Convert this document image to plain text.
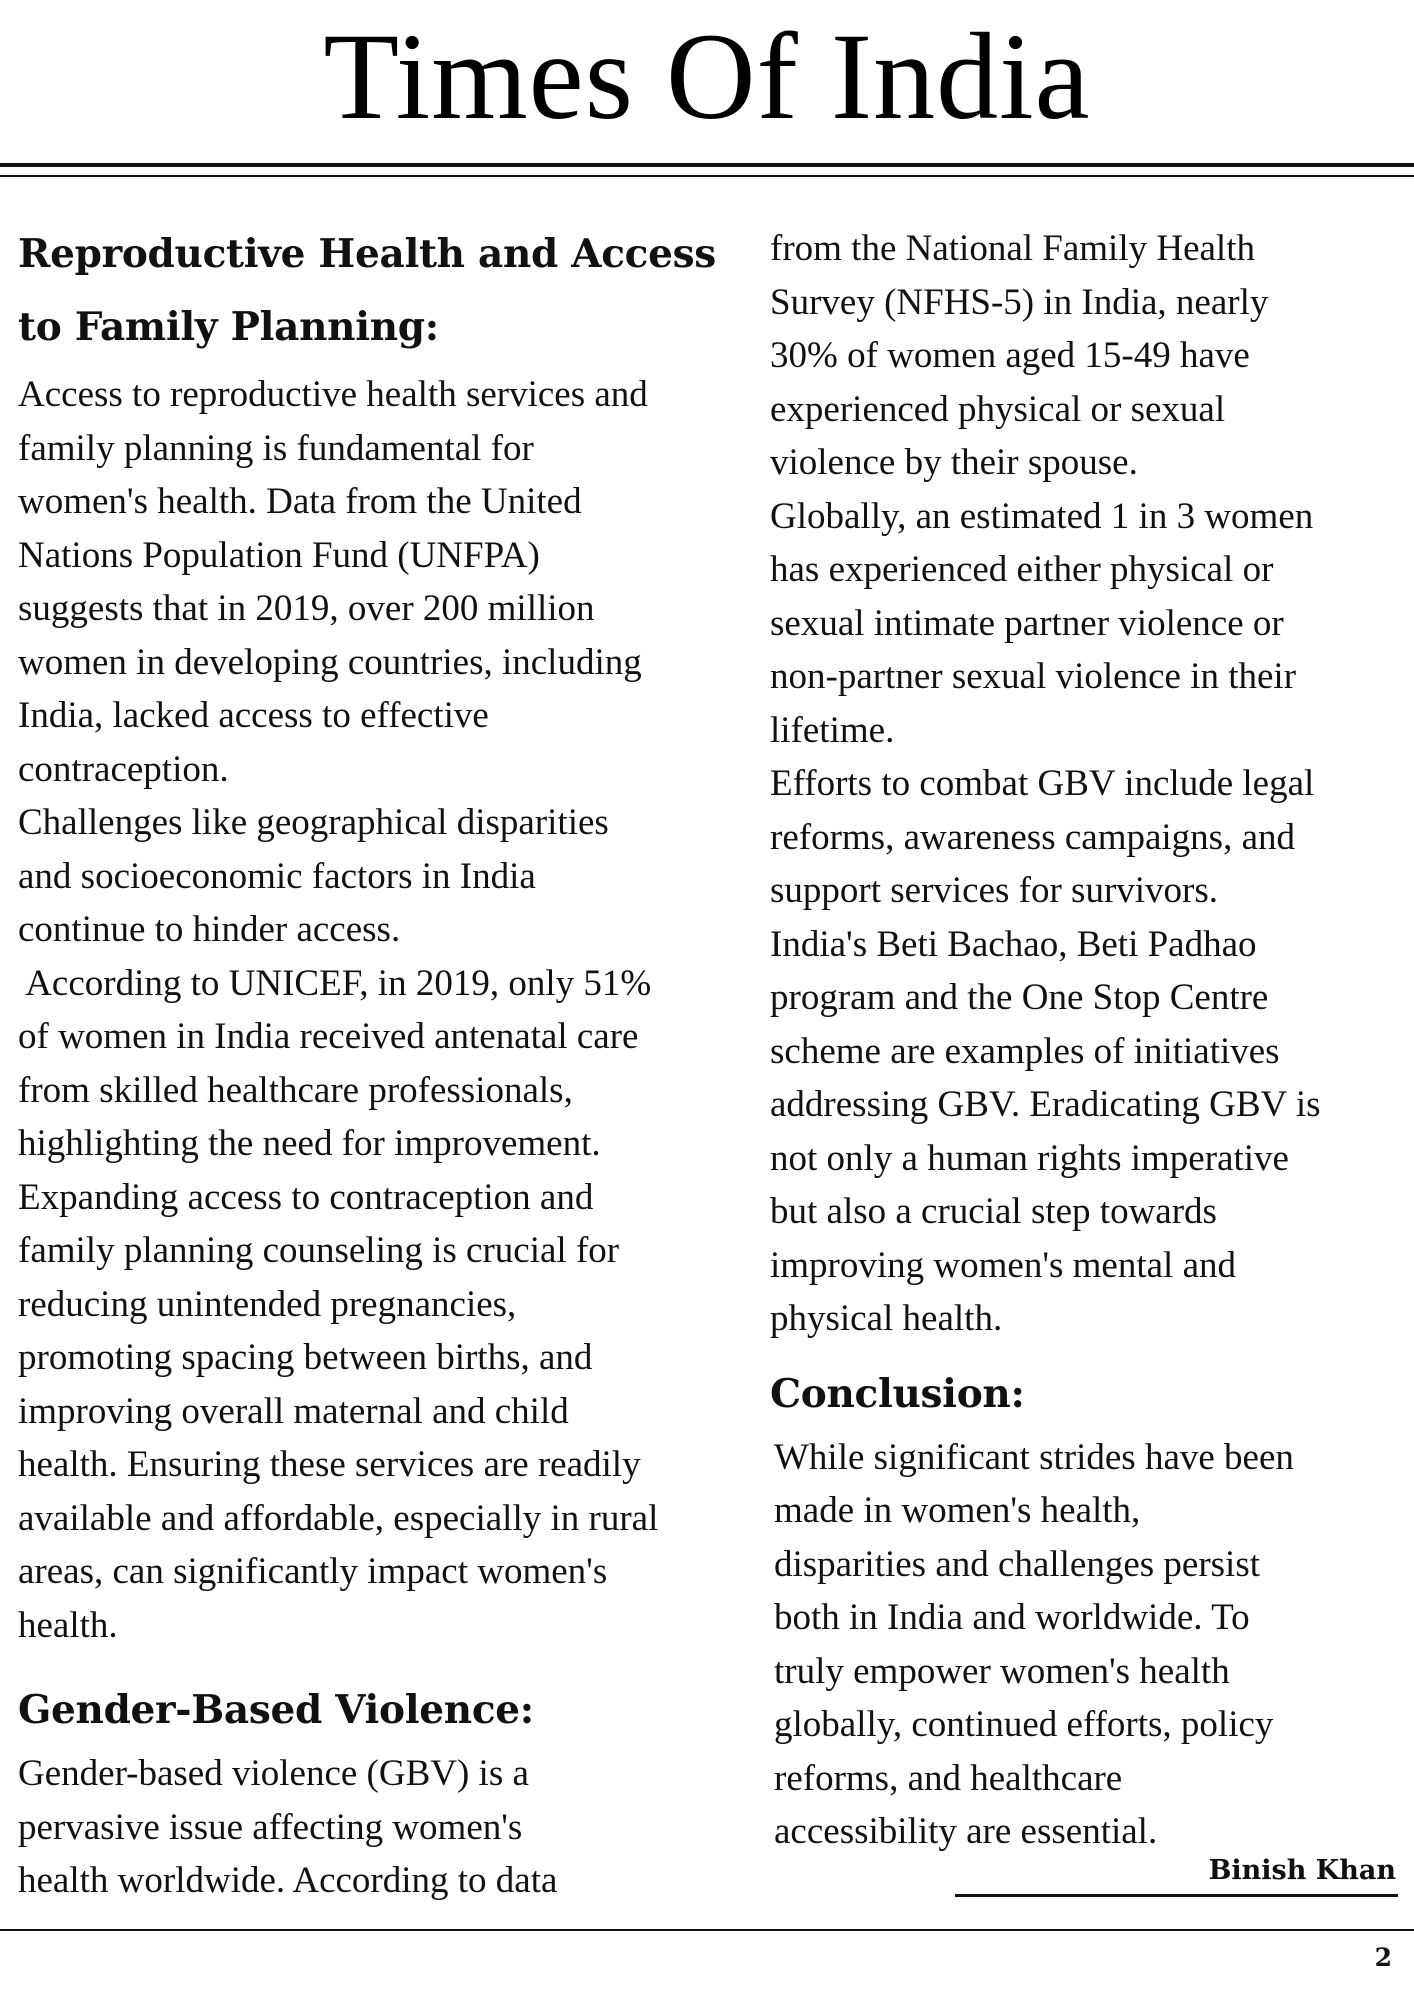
Times Of India
Reproductive Health and Access
to Family Planning:

Access to reproductive health services and
family planning is fundamental for
women's health. Data from the United
Nations Population Fund (UNFPA)
suggests that in 2019, over 200 million
women in developing countries, including
India, lacked access to effective
contraception.
Challenges like geographical disparities
and socioeconomic factors in India
continue to hinder access.
According to UNICEF, in 2019, only 51%
of women in India received antenatal care
from skilled healthcare professionals,
highlighting the need for improvement.
Expanding access to contraception and
family planning counseling is crucial for
reducing unintended pregnancies,
promoting spacing between births, and
improving overall maternal and child
health. Ensuring these services are readily
available and affordable, especially in rural
areas, can significantly impact women's
health.

Gender-Based Violence:

Gender-based violence (GBV) is a
pervasive issue affecting women's
health worldwide. According to data

from the National Family Health
Survey (NFHS-5) in India, nearly
30% of women aged 15-49 have
experienced physical or sexual
violence by their spouse.
Globally, an estimated 1 in 3 women
has experienced either physical or
sexual intimate partner violence or
non-partner sexual violence in their
lifetime.
Efforts to combat GBV include legal
reforms, awareness campaigns, and
support services for survivors.
India's Beti Bachao, Beti Padhao
program and the One Stop Centre
scheme are examples of initiatives
addressing GBV. Eradicating GBV is
not only a human rights imperative
but also a crucial step towards
improving women's mental and
physical health.

Conclusion:

While significant strides have been
made in women's health,
disparities and challenges persist
both in India and worldwide. To
truly empower women's health
globally, continued efforts, policy
reforms, and healthcare
accessibility are essential.

Binish Khan
2
